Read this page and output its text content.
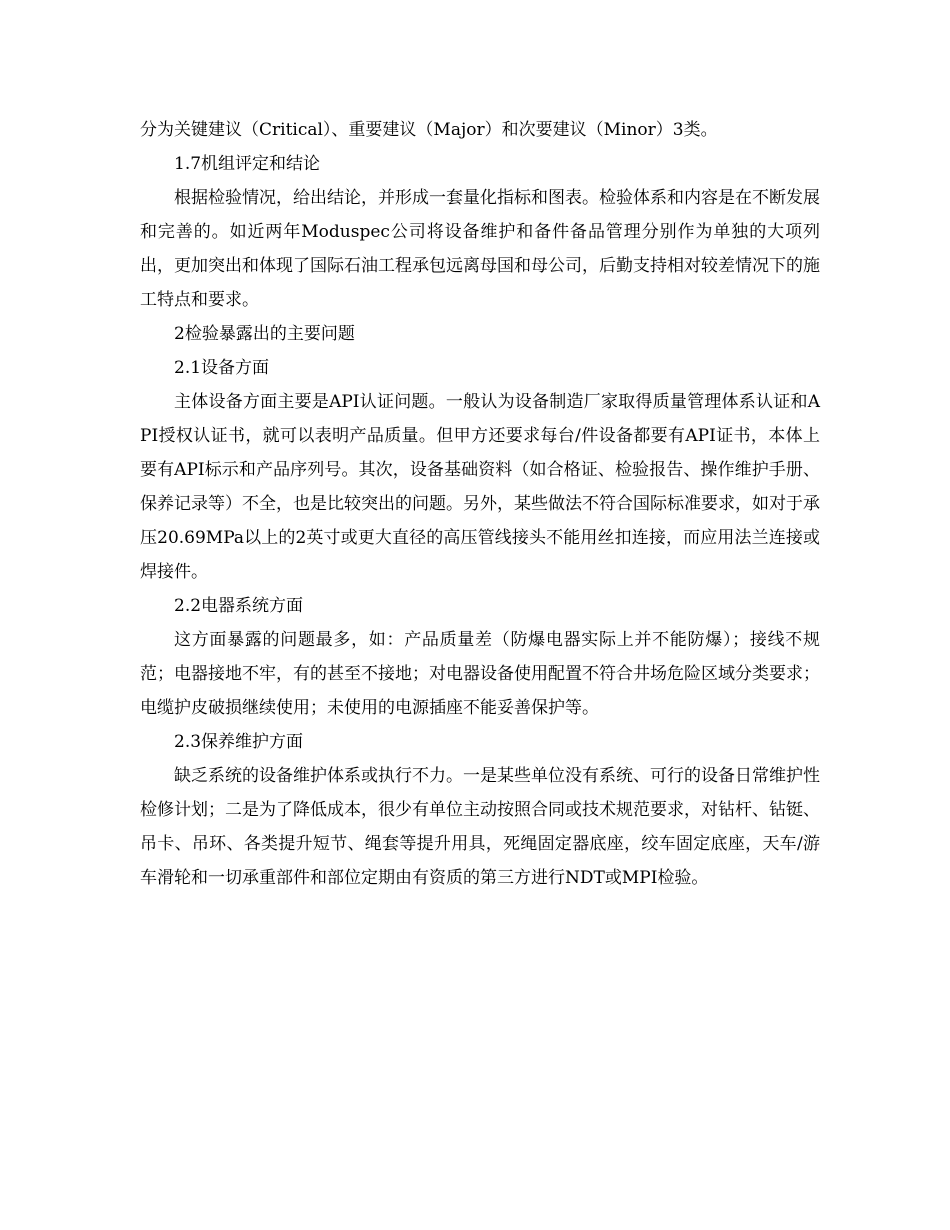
分为关键建议（Critical）、重要建议（Major）和次要建议（Minor）3类。

1.7机组评定和结论

根据检验情况，给出结论，并形成一套量化指标和图表。检验体系和内容是在不断发展和完善的。如近两年Moduspec公司将设备维护和备件备品管理分别作为单独的大项列出，更加突出和体现了国际石油工程承包远离母国和母公司，后勤支持相对较差情况下的施工特点和要求。

2检验暴露出的主要问题

2.1设备方面

主体设备方面主要是API认证问题。一般认为设备制造厂家取得质量管理体系认证和API授权认证书，就可以表明产品质量。但甲方还要求每台/件设备都要有API证书，本体上要有API标示和产品序列号。其次，设备基础资料（如合格证、检验报告、操作维护手册、保养记录等）不全，也是比较突出的问题。另外，某些做法不符合国际标准要求，如对于承压20.69MPa以上的2英寸或更大直径的高压管线接头不能用丝扣连接，而应用法兰连接或焊接件。

2.2电器系统方面

这方面暴露的问题最多，如：产品质量差（防爆电器实际上并不能防爆）；接线不规范；电器接地不牢，有的甚至不接地；对电器设备使用配置不符合井场危险区域分类要求；电缆护皮破损继续使用；未使用的电源插座不能妥善保护等。

2.3保养维护方面

缺乏系统的设备维护体系或执行不力。一是某些单位没有系统、可行的设备日常维护性检修计划；二是为了降低成本，很少有单位主动按照合同或技术规范要求，对钻杆、钻铤、吊卡、吊环、各类提升短节、绳套等提升用具，死绳固定器底座，绞车固定底座，天车/游车滑轮和一切承重部件和部位定期由有资质的第三方进行NDT或MPI检验。
